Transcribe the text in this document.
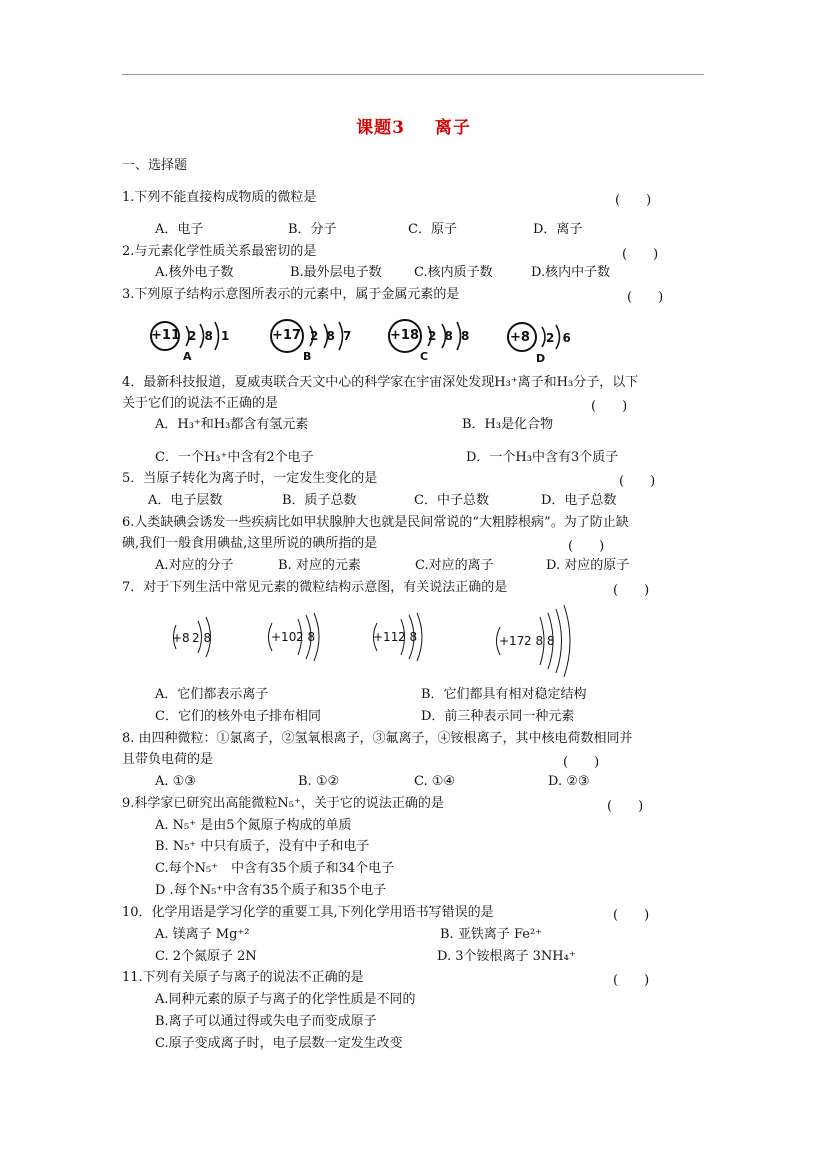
课题3 离子
一、选择题
1.下列不能直接构成物质的微粒是	(　　)
A．电子	B．分子	C．原子	D．离子
2.与元素化学性质关系最密切的是	(　　)
A.核外电子数	B.最外层电子数 C.核内质子数	D.核内中子数
3.下列原子结构示意图所表示的元素中，属于金属元素的是	(　　)
+11 2 8 1
A
+17 2 8 7
B
+18 2 8 8
C
+8 2 6
D
4．最新科技报道，夏威夷联合天文中心的科学家在宇宙深处发现H₃⁺离子和H₃分子，以下
关于它们的说法不正确的是	(　　)
A．H₃⁺和H₃都含有氢元素	B．H₃是化合物
C．一个H₃⁺中含有2个电子	D．一个H₃中含有3个质子
5．当原子转化为离子时，一定发生变化的是	(　　)
A．电子层数	B．质子总数	C．中子总数	D．电子总数
6.人类缺碘会诱发一些疾病比如甲状腺肿大也就是民间常说的“大粗脖根病”。为了防止缺
碘,我们一般食用碘盐,这里所说的碘所指的是	(　　)
A.对应的分子	B. 对应的元素	C.对应的离子	D. 对应的原子
7．对于下列生活中常见元素的微粒结构示意图，有关说法正确的是	(　　)
+8 2 8	+10 2 8	+11 2 8	+17 2 8 8
A．它们都表示离子	B．它们都具有相对稳定结构
C．它们的核外电子排布相同	D．前三种表示同一种元素
8. 由四种微粒：①氯离子，②氢氧根离子，③氟离子，④铵根离子，其中核电荷数相同并
且带负电荷的是	(　　)
A. ①③	B. ①②	C. ①④	D. ②③
9.科学家已研究出高能微粒N₅⁺，关于它的说法正确的是	(　　)
A. N₅⁺ 是由5个氮原子构成的单质
B. N₅⁺ 中只有质子，没有中子和电子
C.每个N₅⁺　中含有35个质子和34个电子
D .每个N₅⁺中含有35个质子和35个电子
10．化学用语是学习化学的重要工具,下列化学用语书写错误的是	(　　)
A. 镁离子 Mg⁺²	B. 亚铁离子 Fe²⁺
C. 2个氮原子 2N	D. 3个铵根离子 3NH₄⁺
11.下列有关原子与离子的说法不正确的是	(　　)
A.同种元素的原子与离子的化学性质是不同的
B.离子可以通过得或失电子而变成原子
C.原子变成离子时，电子层数一定发生改变
